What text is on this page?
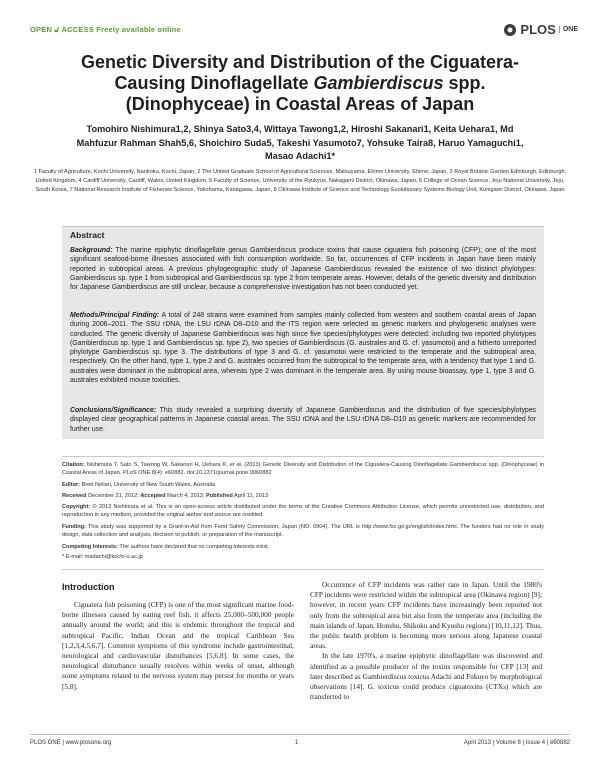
OPEN 🔓︎ ACCESS Freely available online	PLOS	ONE
Genetic Diversity and Distribution of the Ciguatera-
Causing Dinoflagellate Gambierdiscus spp.
(Dinophyceae) in Coastal Areas of Japan
Tomohiro Nishimura1,2, Shinya Sato3,4, Wittaya Tawong1,2, Hiroshi Sakanari1, Keita Uehara1, Md
Mahfuzur Rahman Shah5,6, Shoichiro Suda5, Takeshi Yasumoto7, Yohsuke Taira8, Haruo Yamaguchi1,
Masao Adachi1*
1 Faculty of Agriculture, Kochi University, Nankoku, Kochi, Japan, 2 The United Graduate School of Agricultural Sciences, Matsuyama, Ehime University, Ehime, Japan, 3 Royal Botanic Garden Edinburgh, Edinburgh, United Kingdom, 4 Cardiff University, Cardiff, Wales, United Kingdom, 5 Faculty of Science, University of the Ryukyus, Nakagami District, Okinawa, Japan, 6 College of Ocean Science, Jeju National University, Jeju, South Korea, 7 National Research Institute of Fisheries Science, Yokohama, Kanagawa, Japan, 8 Okinawa Institute of Science and Technology Evolutionary Systems Biology Unit, Kunigami District, Okinawa, Japan
Abstract
Background: The marine epiphytic dinoflagellate genus Gambierdiscus produce toxins that cause ciguatera fish poisoning (CFP); one of the most significant seafood-borne illnesses associated with fish consumption worldwide. So far, occurrences of CFP incidents in Japan have been mainly reported in subtropical areas. A previous phylogeographic study of Japanese Gambierdiscus revealed the existence of two distinct phylotypes: Gambierdiscus sp. type 1 from subtropical and Gambierdiscus sp. type 2 from temperate areas. However, details of the genetic diversity and distribution for Japanese Gambierdiscus are still unclear, because a comprehensive investigation has not been conducted yet.
Methods/Principal Finding: A total of 248 strains were examined from samples mainly collected from western and southern coastal areas of Japan during 2006–2011. The SSU rDNA, the LSU rDNA D8–D10 and the ITS region were selected as genetic markers and phylogenetic analyses were conducted. The genetic diversity of Japanese Gambierdiscus was high since five species/phylotypes were detected: including two reported phylotypes (Gambierdiscus sp. type 1 and Gambierdiscus sp. type 2), two species of Gambierdiscus (G. australes and G. cf. yasumotoi) and a hitherto unreported phylotype Gambierdiscus sp. type 3. The distributions of type 3 and G. cf. yasumotoi were restricted to the temperate and the subtropical area, respectively. On the other hand, type 1, type 2 and G. australes occurred from the subtropical to the temperate area, with a tendency that type 1 and G. australes were dominant in the subtropical area, whereas type 2 was dominant in the temperate area. By using mouse bioassay, type 1, type 3 and G. australes exhibited mouse toxicities.
Conclusions/Significance: This study revealed a surprising diversity of Japanese Gambierdiscus and the distribution of five species/phylotypes displayed clear geographical patterns in Japanese coastal areas. The SSU rDNA and the LSU rDNA D8–D10 as genetic markers are recommended for further use.
Citation: Nishimura T, Sato S, Tawong W, Sakanari H, Uehara K, et al. (2013) Genetic Diversity and Distribution of the Ciguatera-Causing Dinoflagellate Gambierdiscus spp. (Dinophyceae) in Coastal Areas of Japan. PLoS ONE 8(4): e60882. doi:10.1371/journal.pone.0060882
Editor: Brett Neilan, University of New South Wales, Australia
Received December 21, 2012; Accepted March 4, 2013; Published April 11, 2013
Copyright: © 2013 Nishimura et al. This is an open-access article distributed under the terms of the Creative Commons Attribution License, which permits unrestricted use, distribution, and reproduction in any medium, provided the original author and source are credited.
Funding: This study was supported by a Grant-in-Aid from Food Safety Commission, Japan (NO. 0904). The URL is http://www.fsc.go.jp/english/index.html. The funders had no role in study design, data collection and analysis, decision to publish, or preparation of the manuscript.
Competing Interests: The authors have declared that no competing interests exist.
* E-mail: madachi@kochi-u.ac.jp
Introduction
Ciguatera fish poisoning (CFP) is one of the most significant marine food-borne illnesses caused by eating reef fish, it affects 25,000–500,000 people annually around the world; and this is endemic throughout the tropical and subtropical Pacific, Indian Ocean and the tropical Caribbean Sea [1,2,3,4,5,6,7]. Common symptoms of this syndrome include gastrointestinal, neurological and cardiovascular disturbances [5,6,8]. In some cases, the neurological disturbance usually resolves within weeks of onset, although some symptoms related to the nervous system may persist for months or years [5,8].
Occurrence of CFP incidents was rather rare in Japan. Until the 1980's CFP incidents were restricted within the subtropical area (Okinawa region) [9]; however, in recent years CFP incidents have increasingly been reported not only from the subtropical area but also from the temperate area (including the main islands of Japan, Honshu, Shikoku and Kyushu regions) [10,11,12]. Thus, the public health problem is becoming more serious along Japanese coastal areas.
In the late 1970's, a marine epiphytic dinoflagellate was discovered and identified as a possible producer of the toxins responsible for CFP [13] and later described as Gambierdiscus toxicus Adachi and Fukuyo by morphological observations [14]. G. toxicus could produce ciguatoxins (CTXs) which are transferred to
PLOS ONE | www.plosone.org	1	April 2013 | Volume 8 | Issue 4 | e60882
